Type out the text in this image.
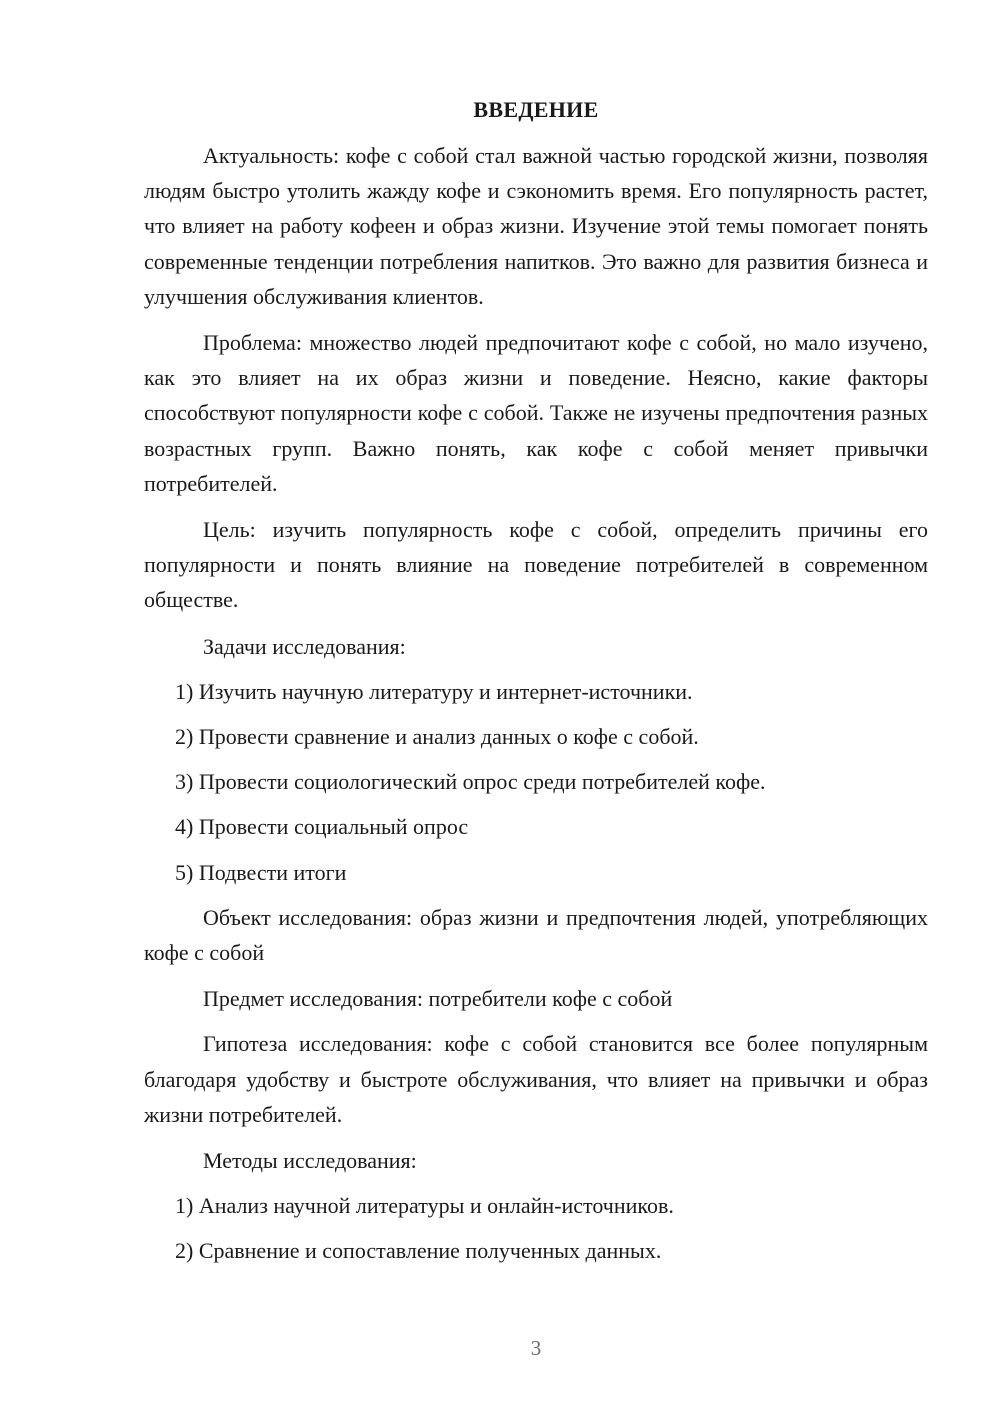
ВВЕДЕНИЕ
Актуальность: кофе с собой стал важной частью городской жизни, позволяя людям быстро утолить жажду кофе и сэкономить время. Его популярность растет, что влияет на работу кофеен и образ жизни. Изучение этой темы помогает понять современные тенденции потребления напитков. Это важно для развития бизнеса и улучшения обслуживания клиентов.
Проблема: множество людей предпочитают кофе с собой, но мало изучено, как это влияет на их образ жизни и поведение. Неясно, какие факторы способствуют популярности кофе с собой. Также не изучены предпочтения разных возрастных групп. Важно понять, как кофе с собой меняет привычки потребителей.
Цель: изучить популярность кофе с собой, определить причины его популярности и понять влияние на поведение потребителей в современном обществе.
Задачи исследования:
1) Изучить научную литературу и интернет-источники.
2) Провести сравнение и анализ данных о кофе с собой.
3) Провести социологический опрос среди потребителей кофе.
4) Провести социальный опрос
5) Подвести итоги
Объект исследования: образ жизни и предпочтения людей, употребляющих кофе с собой
Предмет исследования: потребители кофе с собой
Гипотеза исследования: кофе с собой становится все более популярным благодаря удобству и быстроте обслуживания, что влияет на привычки и образ жизни потребителей.
Методы исследования:
1) Анализ научной литературы и онлайн-источников.
2) Сравнение и сопоставление полученных данных.
3
